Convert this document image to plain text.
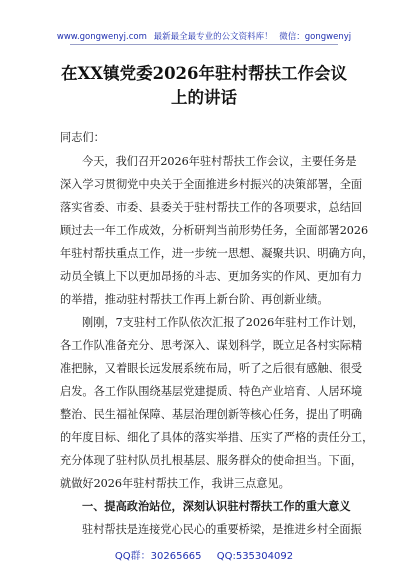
www.gongwenyj.com 最新最全最专业的公文资料库！ 微信：gongwenyj
在XX镇党委2026年驻村帮扶工作会议
上的讲话
同志们：
今天，我们召开2026年驻村帮扶工作会议，主要任务是
深入学习贯彻党中央关于全面推进乡村振兴的决策部署，全面
落实省委、市委、县委关于驻村帮扶工作的各项要求，总结回
顾过去一年工作成效，分析研判当前形势任务，全面部署2026
年驻村帮扶重点工作，进一步统一思想、凝聚共识、明确方向，
动员全镇上下以更加昂扬的斗志、更加务实的作风、更加有力
的举措，推动驻村帮扶工作再上新台阶、再创新业绩。
刚刚，7支驻村工作队依次汇报了2026年驻村工作计划，
各工作队准备充分、思考深入、谋划科学，既立足各村实际精
准把脉，又着眼长远发展系统布局，听了之后很有感触、很受
启发。各工作队围绕基层党建提质、特色产业培育、人居环境
整治、民生福祉保障、基层治理创新等核心任务，提出了明确
的年度目标、细化了具体的落实举措、压实了严格的责任分工，
充分体现了驻村队员扎根基层、服务群众的使命担当。下面，
就做好2026年驻村帮扶工作，我讲三点意见。
一、提高政治站位，深刻认识驻村帮扶工作的重大意义
驻村帮扶是连接党心民心的重要桥梁，是推进乡村全面振
QQ群：30265665 QQ:535304092
